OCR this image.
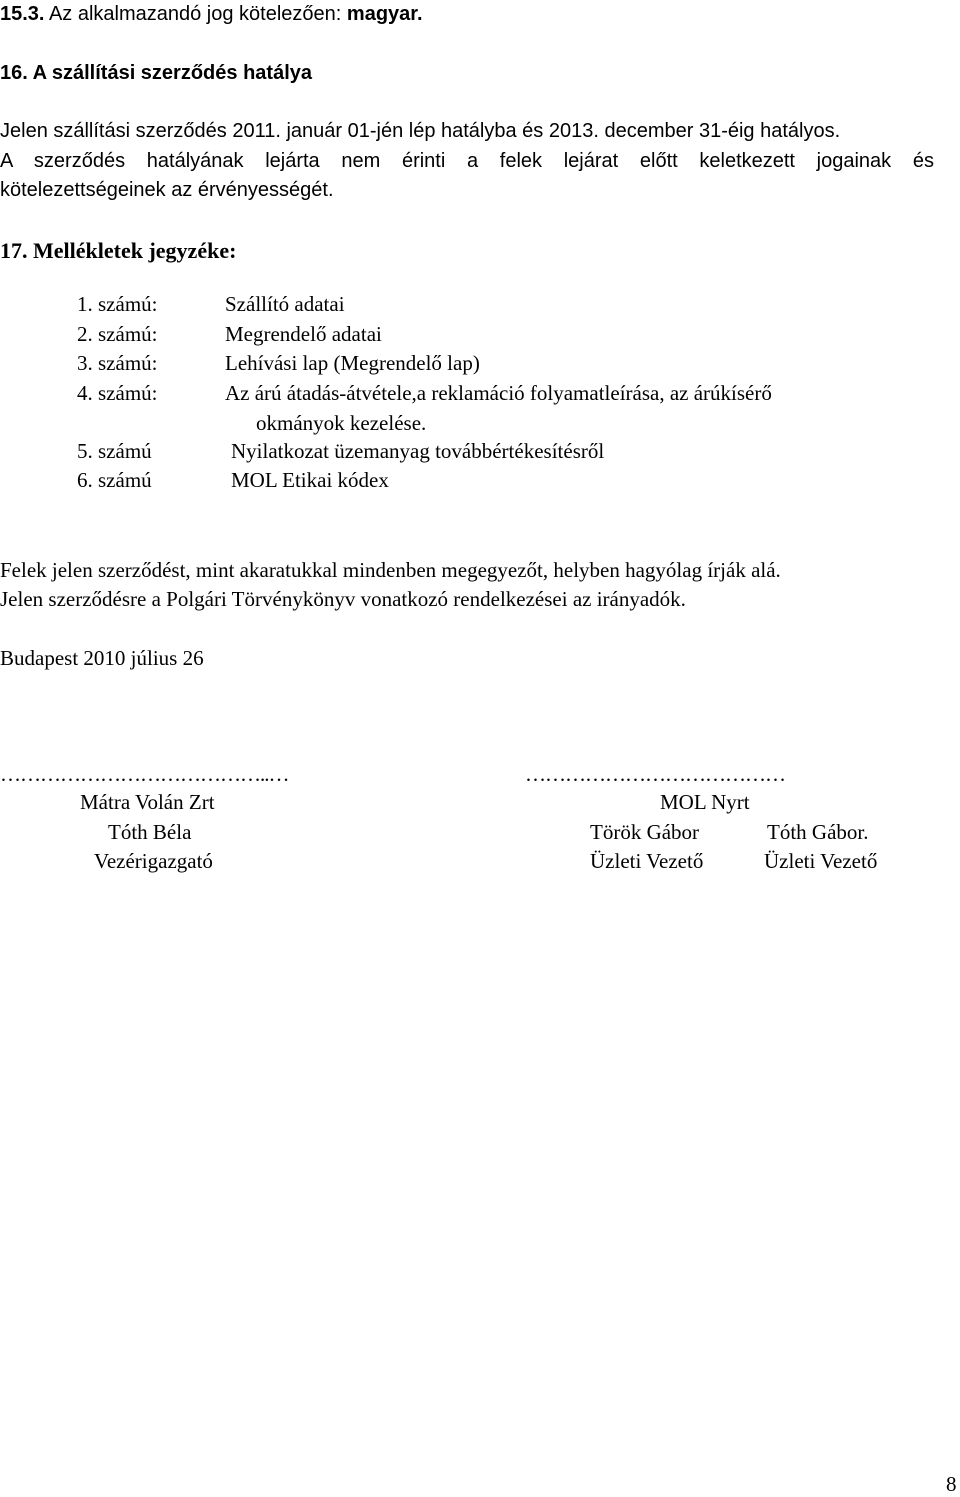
15.3. Az alkalmazandó jog kötelezően: magyar.
16. A szállítási szerződés hatálya
Jelen szállítási szerződés 2011. január 01-jén lép hatályba és 2013. december 31-éig hatályos.
A szerződés hatályának lejárta nem érinti a felek lejárat előtt keletkezett jogainak és
kötelezettségeinek az érvényességét.
17. Mellékletek jegyzéke:
1. számú:	Szállító adatai
2. számú:	Megrendelő adatai
3. számú:	Lehívási lap (Megrendelő lap)
4. számú:	Az árú átadás-átvétele,a reklamáció folyamatleírása, az árúkísérő
okmányok kezelése.
5. számú	Nyilatkozat üzemanyag továbbértékesítésről
6. számú	MOL Etikai kódex
Felek jelen szerződést, mint akaratukkal mindenben megegyezőt, helyben hagyólag írják alá.
Jelen szerződésre a Polgári Törvénykönyv vonatkozó rendelkezései az irányadók.
Budapest 2010 július 26
…………………………………..…
Mátra Volán Zrt
Tóth Béla
Vezérigazgató
…………………………………
MOL Nyrt
Török Gábor	Tóth Gábor.
Üzleti Vezető	Üzleti Vezető
8
